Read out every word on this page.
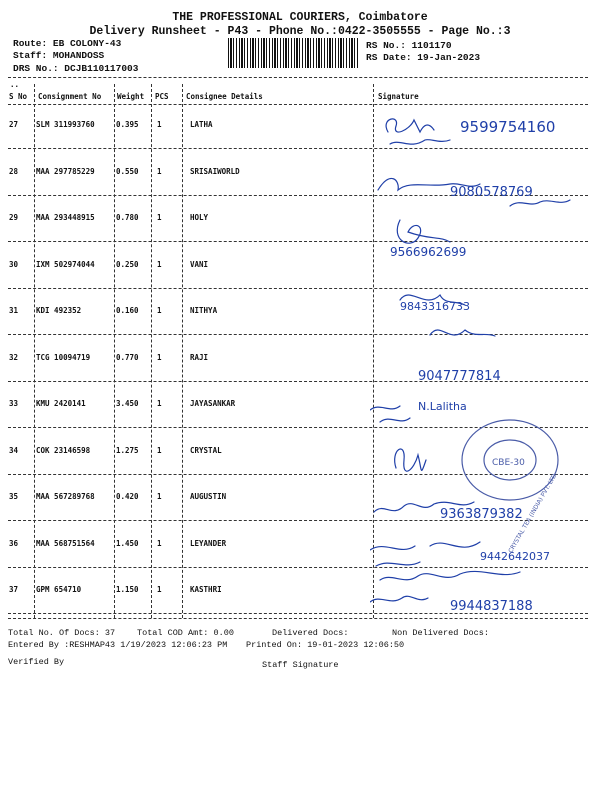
THE PROFESSIONAL COURIERS, Coimbatore
Delivery Runsheet - P43 - Phone No.:0422-3505555 - Page No.:3
Route: EB COLONY-43
Staff: MOHANDOSS
DRS No.: DCJB110117003
RS No.: 1101170
RS Date: 19-Jan-2023
..
S No Consignment No Weight PCS Consignee Details	Signature
27 SLM 311993760	0.395 1	LATHA
28 MAA 297785229	0.550 1	SRISAIWORLD
29 MAA 293448915	0.780 1	HOLY
30 IXM 502974044	0.250 1	VANI
31 KDI 492352	0.160 1	NITHYA
32 TCG 10094719	0.770 1	RAJI
33 KMU 2420141	3.450 1	JAYASANKAR
34 COK 23146598	1.275 1	CRYSTAL
35 MAA 567289768	0.420 1	AUGUSTIN
36 MAA 568751564	1.450 1	LEYANDER
37 GPM 654710	1.150 1	KASTHRI
9599754160
9080578769
9566962699
9843316733
9047777814
N.Lalitha
9363879382
9442642037
9944837188
CBE-30
CRYSTAL TEA (INDIA) PVT. LTD.
Total No. Of Docs: 37	Total COD Amt: 0.00	Delivered Docs:	Non Delivered Docs:
Entered By :RESHMAP43 1/19/2023 12:06:23 PM Printed On: 19-01-2023 12:06:50
Verified By	Staff Signature
